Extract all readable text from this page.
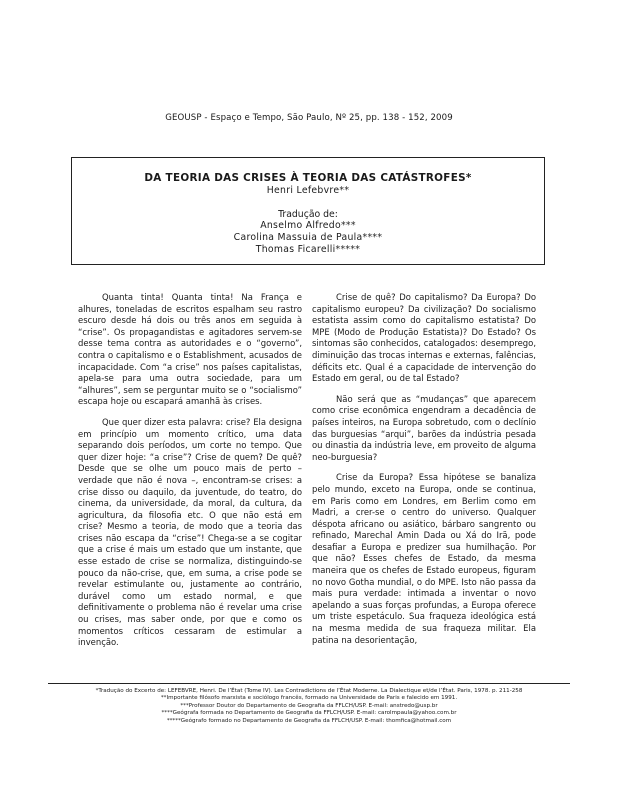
GEOUSP - Espaço e Tempo, São Paulo, Nº 25, pp. 138 - 152, 2009
DA TEORIA DAS CRISES À TEORIA DAS CATÁSTROFES*
Henri Lefebvre**
Tradução de:
Anselmo Alfredo***
Carolina Massuia de Paula****
Thomas Ficarelli*****

Quanta tinta! Quanta tinta! Na França e alhures, toneladas de escritos espalham seu rastro escuro desde há dois ou três anos em seguida à “crise”. Os propagandistas e agitadores servem-se desse tema contra as autoridades e o “governo”, contra o capitalismo e o Establishment, acusados de incapacidade. Com “a crise” nos países capitalistas, apela-se para uma outra sociedade, para um “alhures”, sem se perguntar muito se o “socialismo” escapa hoje ou escapará amanhã às crises.

Que quer dizer esta palavra: crise? Ela designa em princípio um momento crítico, uma data separando dois períodos, um corte no tempo. Que quer dizer hoje: “a crise”? Crise de quem? De quê? Desde que se olhe um pouco mais de perto – verdade que não é nova –, encontram-se crises: a crise disso ou daquilo, da juventude, do teatro, do cinema, da universidade, da moral, da cultura, da agricultura, da filosofia etc. O que não está em crise? Mesmo a teoria, de modo que a teoria das crises não escapa da “crise”! Chega-se a se cogitar que a crise é mais um estado que um instante, que esse estado de crise se normaliza, distinguindo-se pouco da não-crise, que, em suma, a crise pode se revelar estimulante ou, justamente ao contrário, durável como um estado normal, e que definitivamente o problema não é revelar uma crise ou crises, mas saber onde, por que e como os momentos críticos cessaram de estimular a invenção.

Crise de quê? Do capitalismo? Da Europa? Do capitalismo europeu? Da civilização? Do socialismo estatista assim como do capitalismo estatista? Do MPE (Modo de Produção Estatista)? Do Estado? Os sintomas são conhecidos, catalogados: desemprego, diminuição das trocas internas e externas, falências, déficits etc. Qual é a capacidade de intervenção do Estado em geral, ou de tal Estado?

Não será que as “mudanças” que aparecem como crise econômica engendram a decadência de países inteiros, na Europa sobretudo, com o declínio das burguesias “arqui”, barões da indústria pesada ou dinastia da indústria leve, em proveito de alguma neo-burguesia?

Crise da Europa? Essa hipótese se banaliza pelo mundo, exceto na Europa, onde se continua, em Paris como em Londres, em Berlim como em Madri, a crer-se o centro do universo. Qualquer déspota africano ou asiático, bárbaro sangrento ou refinado, Marechal Amin Dada ou Xá do Irã, pode desafiar a Europa e predizer sua humilhação. Por que não? Esses chefes de Estado, da mesma maneira que os chefes de Estado europeus, figuram no novo Gotha mundial, o do MPE. Isto não passa da mais pura verdade: intimada a inventar o novo apelando a suas forças profundas, a Europa oferece um triste espetáculo. Sua fraqueza ideológica está na mesma medida de sua fraqueza militar. Ela patina na desorientação,

*Tradução do Excerto de: LEFEBVRE, Henri. De l’État (Tome IV). Les Contradictions de l’État Moderne. La Dialectique et/de l’État. Paris, 1978. p. 211-258
**Importante filósofo marxista e sociólogo francês, formado na Universidade de Paris e falecido em 1991.
***Professor Doutor do Departamento de Geografia da FFLCH/USP. E-mail: anstredo@usp.br
****Geógrafa formada no Departamento de Geografia da FFLCH/USP. E-mail: carolmpaula@yahoo.com.br
*****Geógrafo formado no Departamento de Geografia da FFLCH/USP. E-mail: thomfica@hotmail.com
